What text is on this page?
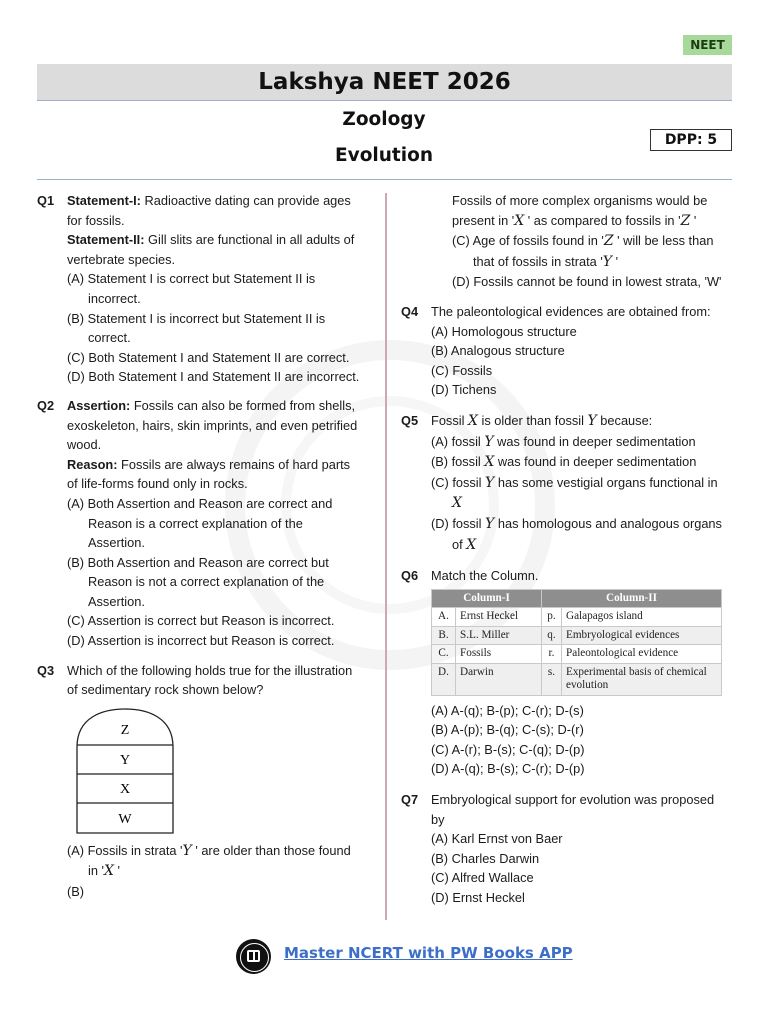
NEET
Lakshya NEET 2026
Zoology
Evolution
DPP: 5
Q1 Statement-I: Radioactive dating can provide ages for fossils.

Statement-II: Gill slits are functional in all adults of vertebrate species.

(A) Statement I is correct but Statement II is incorrect.

(B) Statement I is incorrect but Statement II is correct.

(C) Both Statement I and Statement II are correct.

(D) Both Statement I and Statement II are incorrect.

Q2 Assertion: Fossils can also be formed from shells, exoskeleton, hairs, skin imprints, and even petrified wood.

Reason: Fossils are always remains of hard parts of life-forms found only in rocks.

(A) Both Assertion and Reason are correct and Reason is a correct explanation of the Assertion.

(B) Both Assertion and Reason are correct but Reason is not a correct explanation of the Assertion.

(C) Assertion is correct but Reason is incorrect.

(D) Assertion is incorrect but Reason is correct.

Q3 Which of the following holds true for the illustration of sedimentary rock shown below?

Z
Y
X
W

(A) Fossils in strata 'Y ' are older than those found in 'X '

(B)

Fossils of more complex organisms would be present in 'X ' as compared to fossils in 'Z '

(C) Age of fossils found in 'Z ' will be less than that of fossils in strata 'Y '

(D) Fossils cannot be found in lowest strata, 'W'

Q4 The paleontological evidences are obtained from:

(A) Homologous structure

(B) Analogous structure

(C) Fossils

(D) Tichens

Q5 Fossil X is older than fossil Y because:

(A) fossil Y was found in deeper sedimentation

(B) fossil X was found in deeper sedimentation

(C) fossil Y has some vestigial organs functional in X

(D) fossil Y has homologous and analogous organs of X

Q6 Match the Column.

Column-I		Column-II	
A.	Ernst Heckel	p.	Galapagos island
B.	S.L. Miller	q.	Embryological evidences
C.	Fossils	r.	Paleontological evidence
D.	Darwin	s.	Experimental basis of chemical evolution

(A) A-(q); B-(p); C-(r); D-(s)

(B) A-(p); B-(q); C-(s); D-(r)

(C) A-(r); B-(s); C-(q); D-(p)

(D) A-(q); B-(s); C-(r); D-(p)

Q7 Embryological support for evolution was proposed by

(A) Karl Ernst von Baer

(B) Charles Darwin

(C) Alfred Wallace

(D) Ernst Heckel

Master NCERT with PW Books APP
